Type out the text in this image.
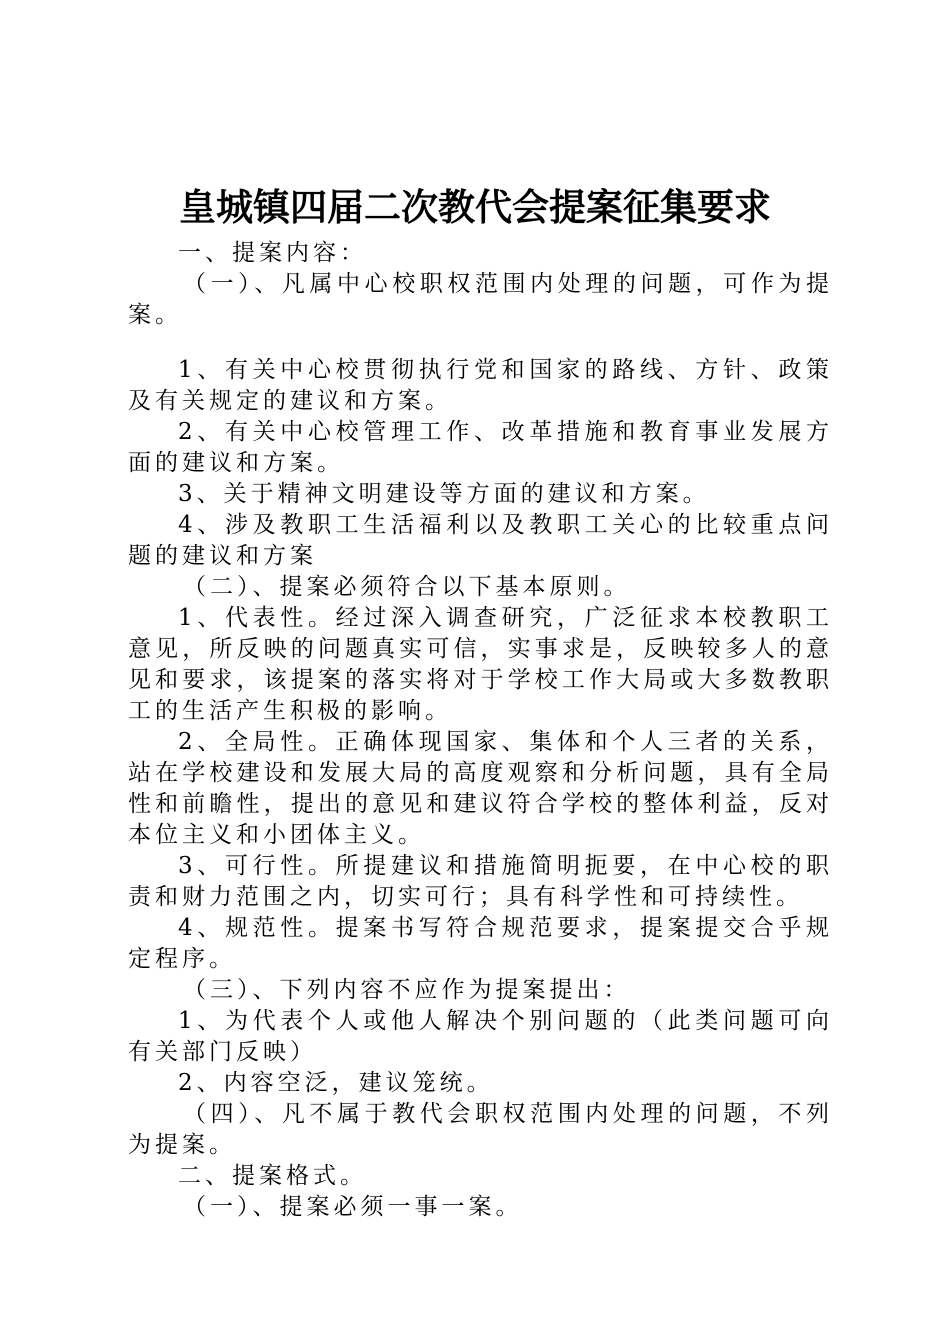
皇城镇四届二次教代会提案征集要求

一、提案内容：

（一）、凡属中心校职权范围内处理的问题，可作为提案。

1、有关中心校贯彻执行党和国家的路线、方针、政策及有关规定的建议和方案。

2、有关中心校管理工作、改革措施和教育事业发展方面的建议和方案。

3、关于精神文明建设等方面的建议和方案。

4、涉及教职工生活福利以及教职工关心的比较重点问题的建议和方案

（二）、提案必须符合以下基本原则。

1、代表性。经过深入调查研究，广泛征求本校教职工意见，所反映的问题真实可信，实事求是，反映较多人的意见和要求，该提案的落实将对于学校工作大局或大多数教职工的生活产生积极的影响。

2、全局性。正确体现国家、集体和个人三者的关系，站在学校建设和发展大局的高度观察和分析问题，具有全局性和前瞻性，提出的意见和建议符合学校的整体利益，反对本位主义和小团体主义。

3、可行性。所提建议和措施简明扼要，在中心校的职责和财力范围之内，切实可行；具有科学性和可持续性。

4、规范性。提案书写符合规范要求，提案提交合乎规定程序。

（三）、下列内容不应作为提案提出：

1、为代表个人或他人解决个别问题的（此类问题可向有关部门反映）

2、内容空泛，建议笼统。

（四）、凡不属于教代会职权范围内处理的问题，不列为提案。

二、提案格式。

（一）、提案必须一事一案。
